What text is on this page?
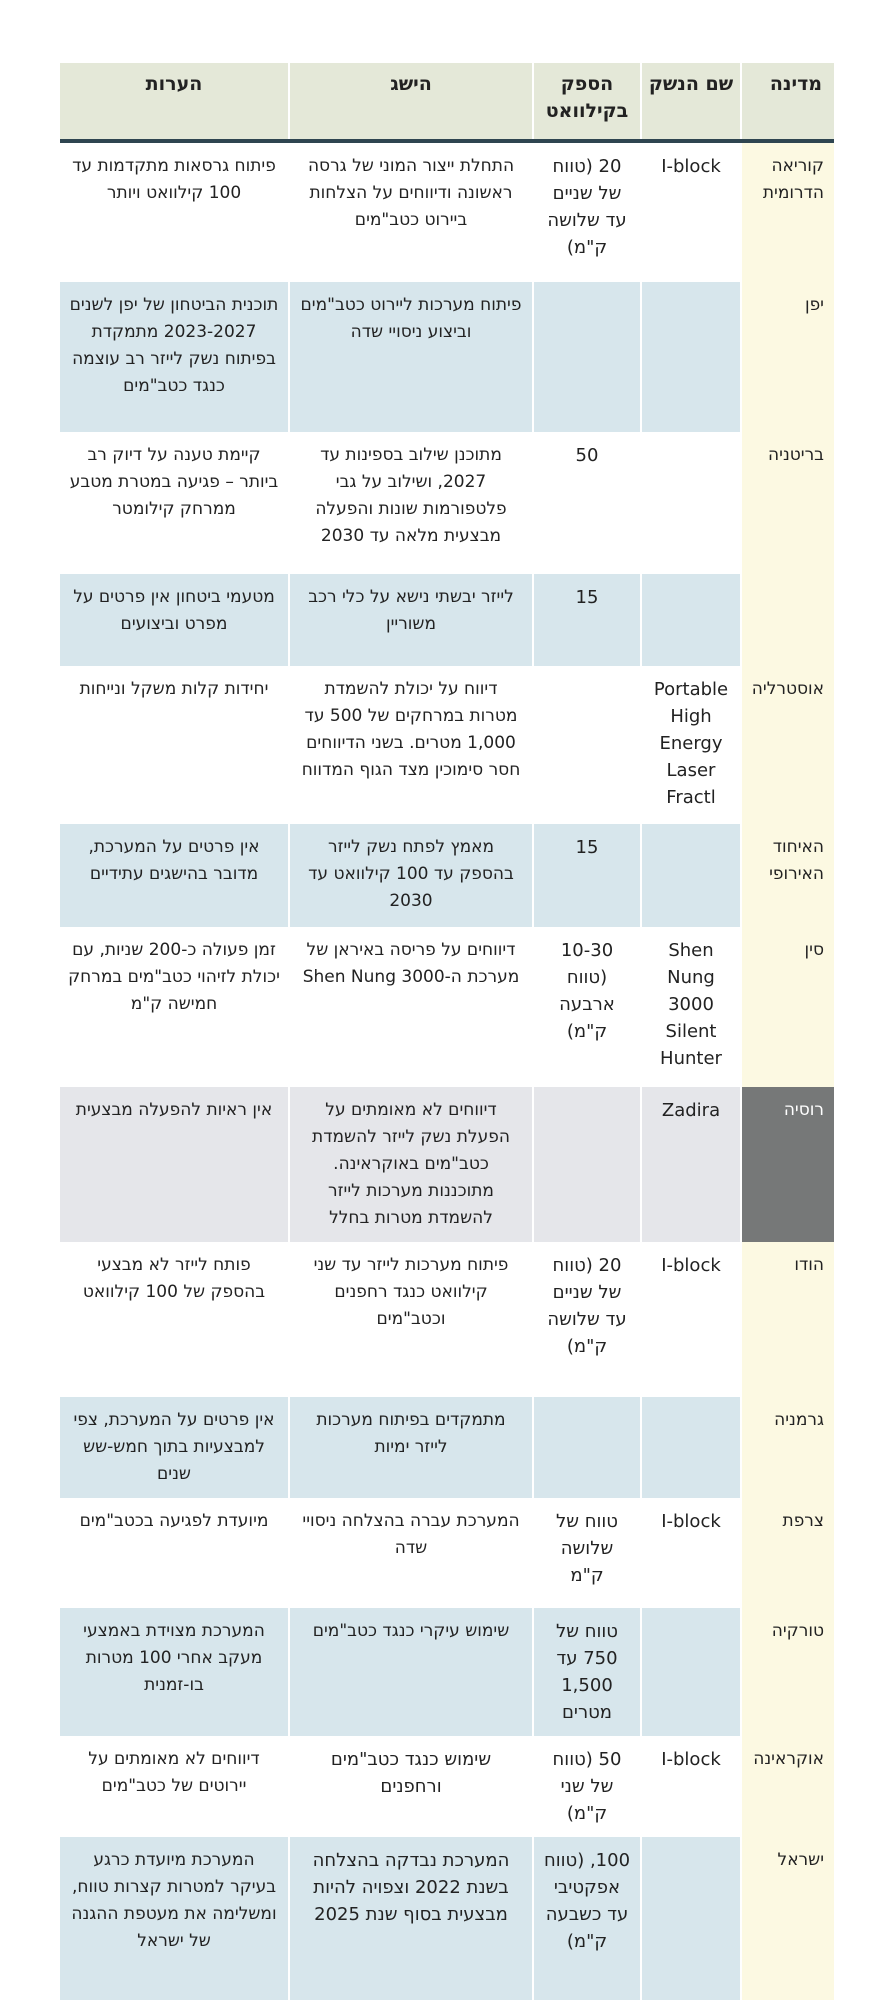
מדינה	שם הנשק	הספק בקילוואט	הישג	הערות

קוריאה הדרומית	I-block	20 (טווח של שניים עד שלושה ק"מ)	התחלת ייצור המוני של גרסה ראשונה ודיווחים על הצלחות ביירוט כטב"מים	פיתוח גרסאות מתקדמות עד 100 קילוואט ויותר
יפן			פיתוח מערכות ליירוט כטב"מים וביצוע ניסויי שדה	תוכנית הביטחון של יפן לשנים 2023-2027 מתמקדת בפיתוח נשק לייזר רב עוצמה כנגד כטב"מים
בריטניה		50	מתוכנן שילוב בספינות עד 2027, ושילוב על גבי פלטפורמות שונות והפעלה מבצעית מלאה עד 2030	קיימת טענה על דיוק רב ביותר – פגיעה במטרת מטבע ממרחק קילומטר
		15	לייזר יבשתי נישא על כלי רכב משוריין	מטעמי ביטחון אין פרטים על מפרט וביצועים
אוסטרליה	Portable High Energy Laser Fractl		דיווח על יכולת להשמדת מטרות במרחקים של 500 עד 1,000 מטרים. בשני הדיווחים חסר סימוכין מצד הגוף המדווח	יחידות קלות משקל ונייחות
האיחוד האירופי		15	מאמץ לפתח נשק לייזר בהספק עד 100 קילוואט עד 2030	אין פרטים על המערכת, מדובר בהישגים עתידיים
סין	Shen Nung 3000 Silent Hunter	10-30 (טווח ארבעה ק"מ)	דיווחים על פריסה באיראן של מערכת ה-Shen Nung 3000	זמן פעולה כ-200 שניות, עם יכולת לזיהוי כטב"מים במרחק חמישה ק"מ
רוסיה	Zadira		דיווחים לא מאומתים על הפעלת נשק לייזר להשמדת כטב"מים באוקראינה. מתוכננות מערכות לייזר להשמדת מטרות בחלל	אין ראיות להפעלה מבצעית
הודו	I-block	20 (טווח של שניים עד שלושה ק"מ)	פיתוח מערכות לייזר עד שני קילוואט כנגד רחפנים וכטב"מים	פותח לייזר לא מבצעי בהספק של 100 קילוואט
גרמניה			מתמקדים בפיתוח מערכות לייזר ימיות	אין פרטים על המערכת, צפי למבצעיות בתוך חמש-שש שנים
צרפת	I-block	טווח של שלושה ק"מ	המערכת עברה בהצלחה ניסויי שדה	מיועדת לפגיעה בכטב"מים
טורקיה		טווח של 750 עד 1,500 מטרים	שימוש עיקרי כנגד כטב"מים	המערכת מצוידת באמצעי מעקב אחרי 100 מטרות בו-זמנית
אוקראינה	I-block	50 (טווח של שני ק"מ)	שימוש כנגד כטב"מים ורחפנים	דיווחים לא מאומתים על יירוטים של כטב"מים
ישראל		100, (טווח אפקטיבי עד כשבעה ק"מ)	המערכת נבדקה בהצלחה בשנת 2022 וצפויה להיות מבצעית בסוף שנת 2025	המערכת מיועדת כרגע בעיקר למטרות קצרות טווח, ומשלימה את מעטפת ההגנה של ישראל
